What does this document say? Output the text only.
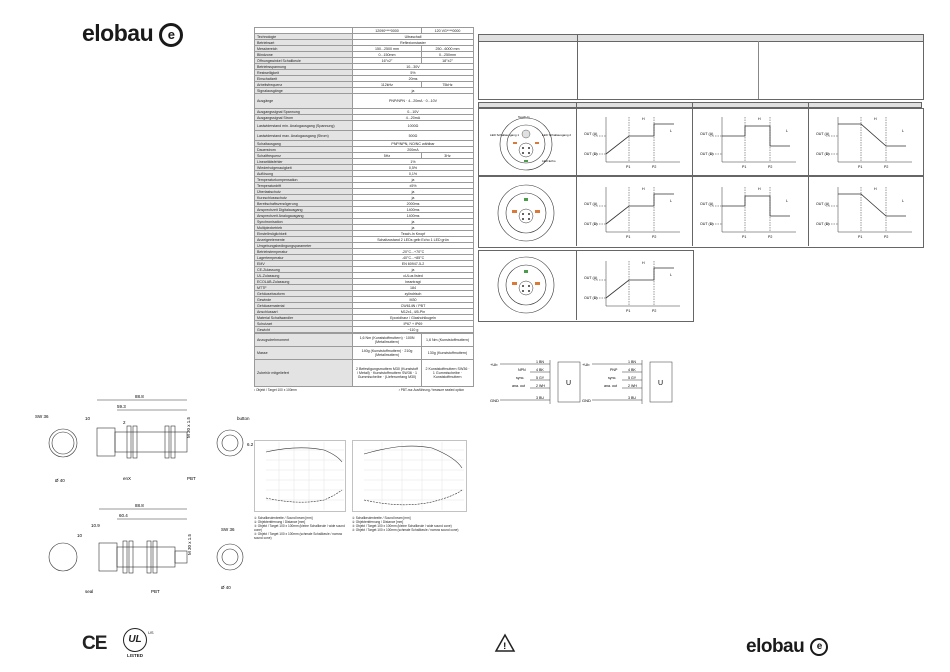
elobau e
		12090****0000	120 VG****0000
Technologie	Ultraschall	
Betriebsart	Reflexionstaster	
Messbereich	150...2500 mm	250...6000 mm
Blindzone	0...150mm	0...250mm
Öffnungswinkel Schallkeule	16°±2°	18°±2°
Betriebsspannung	10...30V	
Restwelligkeit	5%	
Einschaltzeit	20ms	
Arbeitsfrequenz	112kHz	75kHz
Signalausgänge	ja	
Ausgänge	PNP/NPN · 4...20mA · 0...10V	
Ausgangssignal Spannung	0...10V	
Ausgangssignal Strom	4...20mA	
Lastwiderstand min. Analogausgang (Spannung)	1000Ω	
Lastwiderstand max. Analogausgang (Strom)	500Ω	
Schaltausgang	PNP/NPN, NO/NC wählbar	
Dauerstrom	200mA	
Schaltfrequenz	5Hz	3Hz
Linearitätsfehler	1%	
Wiederholgenauigkeit	0,5%	
Auflösung	0,1%	
Temperaturkompensation	ja	
Temperaturdrift	±5%	
Überlastschutz	ja	
Kurzschlussschutz	ja	
Bereitschaftsverzögerung	2000ms	
Ansprechzeit Digitalausgang	1400ms	
Ansprechzeit Analogausgang	1400ms	
Synchronisation	ja	
Multiplexbetrieb	ja	
Einstellmöglichkeit	Teach-In Knopf	
Anzeigeelemente	Schaltzustand 2 LEDs gelb Echo 1 LED grün	
Umgebungsbedingungsparameter		
Betriebstemperatur	-20°C...+70°C	
Lagertemperatur	-40°C...+85°C	
EMV	EN 60947-5-2	
CE-Zulassung	ja	
UL-Zulassung	cULus listed	
ECOLAB-Zulassung	beantragt	
MTTF	184	
Gehäusebauform	zylindrisch	
Gewinde	M30	
Gehäusematerial	CW614N / PBT	
Anschlussart	M12x1, 4/5-Pin	
Material Schallwandler	Epoxidharz / Glashohlkugeln	
Schutzart	IP67 + IP69	
Gewicht	~110 g	
Anzugsdrehmoment	1,6 Nm (Kunststoffmuttern) · 100N (Metallmuttern)	1,6 Nm (Kunststoffmuttern)
Masse	140g (Kunststoffmuttern) · 210g (Metallmuttern)	130g (Kunststoffmuttern)
Zubehör mitgeliefert	2 Befestigungsmuttern M30 (Kunststoff / Metall) · Kunststoffmuttern SW36 · 1 Gummischeibe · (Lieferumfang M30)	2 Kunststoffmuttern SW36 · 1 Gummischeibe · Kunststoffmuttern
¹ Objekt / Target 100 x 100mm	² PBT-nur-Ausführung / treasure sealed option
88.8
59.3
10
2	M 30 x 1.5
SW 36
Ø 40
button
PBT
enX
6.2
88.8
60.4
10.9
10	M 30 x 1.5
SW 36
Ø 40
seal	PBT
① Schallkeulenbreite / Sound beam [mm]
② Objektentfernung / Distance [mm]
③ Objekt / Target 100 x 100mm (kleine Schallkeule / wide sound cone)
④ Objekt / Target 100 x 100mm (schmale Schallkeule / narrow sound cone)
① Schallkeulenbreite / Sound beam [mm]
② Objektentfernung / Distance [mm]
③ Objekt / Target 100 x 100mm (kleine Schallkeule / wide sound cone)
④ Objekt / Target 100 x 100mm (schmale Schallkeule / narrow sound cone)
Teach-In
LED Schaltausgang 1	LED Schaltausgang 2
LED Echo
OUT (A)
OUT (D)
H
L
P1	P2
OUT (A)
OUT (D)
H
L
P1	P2
OUT (A)
OUT (D)
H
L
P1	P2
OUT (A)
OUT (D)
H
L
P1	P2
OUT (A)
OUT (D)
H
L
P1	P2
OUT (A)
OUT (D)
H
L
P1	P2
OUT (A)
OUT (D)
H
L
P1	P2
+Ub
GND
1 BN
4 BK
5 GY
2 WH
3 BU
NPN
sync.
ana. out	U
+Ub
GND
1 BN
4 BK
5 GY
2 WH
3 BU
PNP
sync.
ana. out	U
CE	UL
US
LISTED
!	elobau e
